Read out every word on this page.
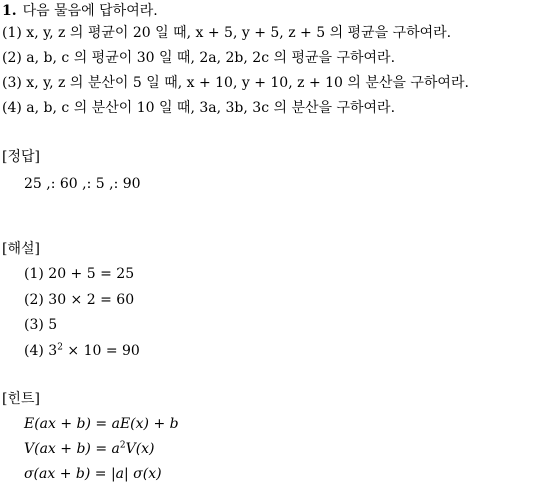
1. 다음 물음에 답하여라.
(1) x, y, z 의 평균이 20 일 때, x + 5, y + 5, z + 5 의 평균을 구하여라.
(2) a, b, c 의 평균이 30 일 때, 2a, 2b, 2c 의 평균을 구하여라.
(3) x, y, z 의 분산이 5 일 때, x + 10, y + 10, z + 10 의 분산을 구하여라.
(4) a, b, c 의 분산이 10 일 때, 3a, 3b, 3c 의 분산을 구하여라.
[정답]
25 ,: 60 ,: 5 ,: 90
[해설]
(1) 20 + 5 = 25
(2) 30 × 2 = 60
(3) 5
(4) $3^2 \times 10 = 90$
[힌트]
E(ax + b) = aE(x) + b
$V(ax + b) = a^2V(x)$
σ(ax + b) = |a| σ(x)
